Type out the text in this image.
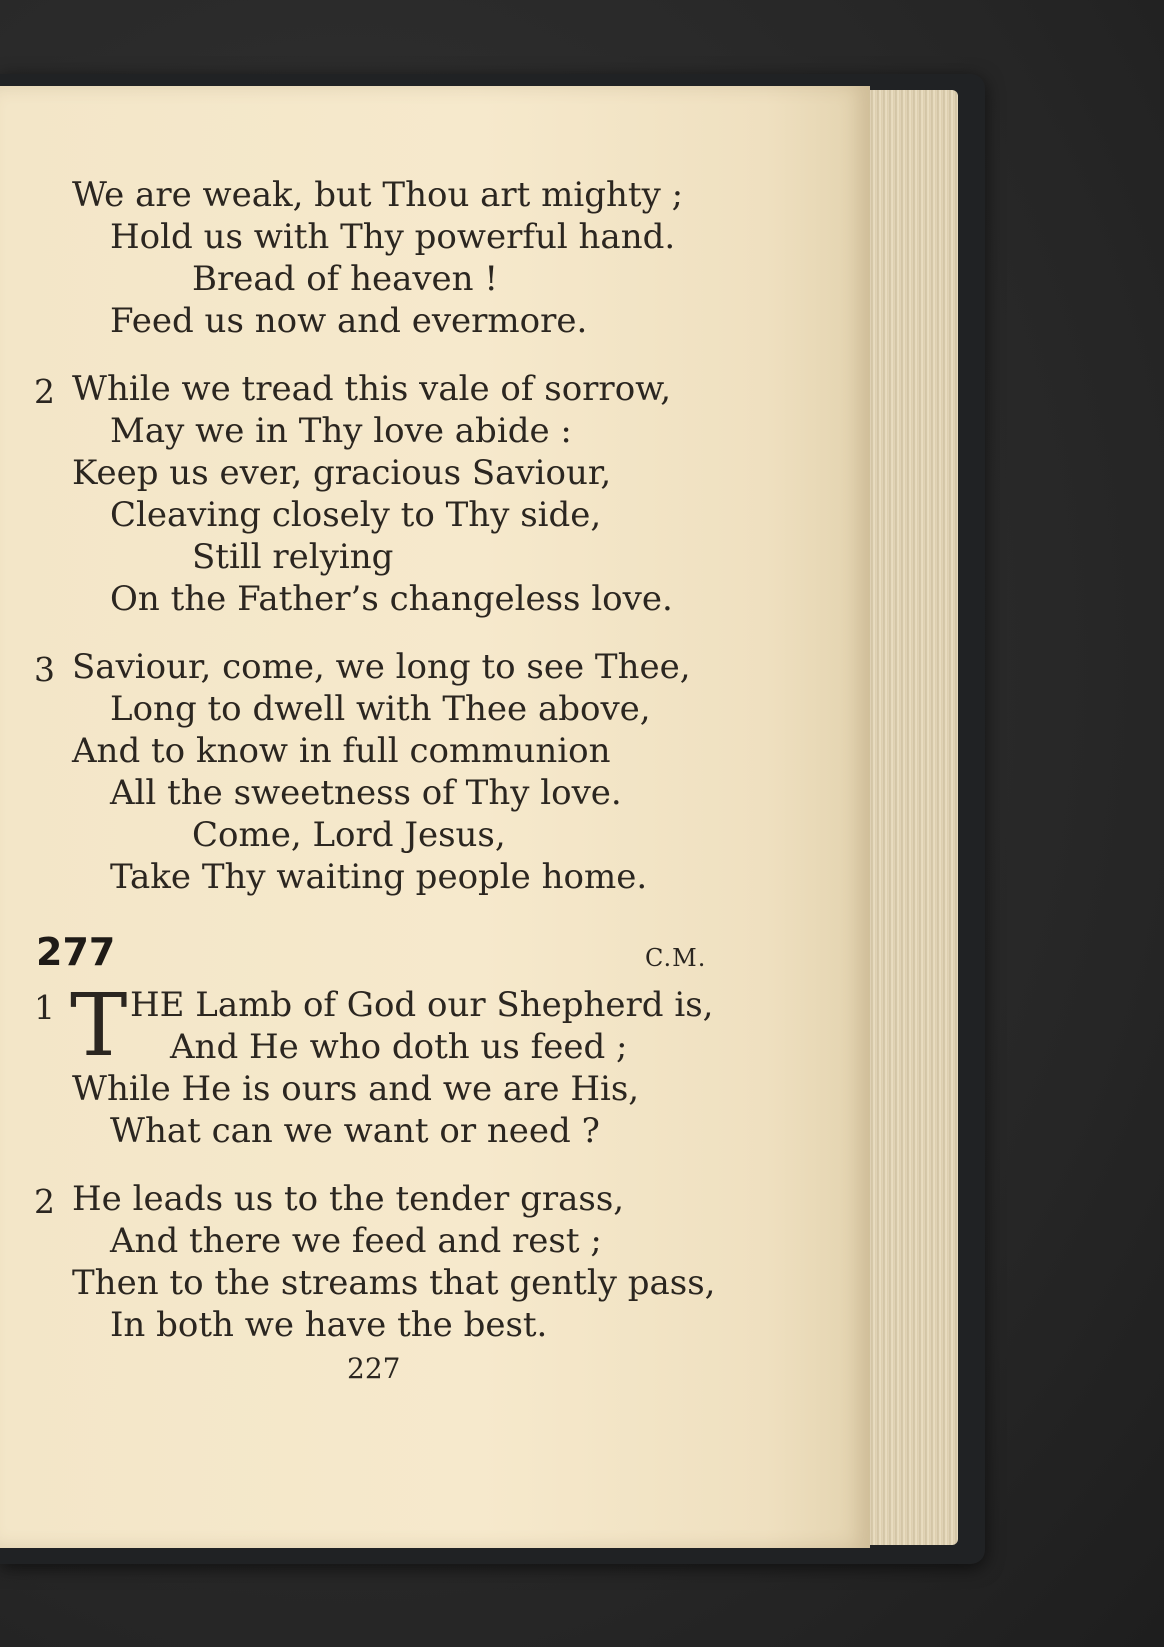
We are weak, but Thou art mighty ;
Hold us with Thy powerful hand.
Bread of heaven !
Feed us now and evermore.
2 While we tread this vale of sorrow,
May we in Thy love abide :
Keep us ever, gracious Saviour,
Cleaving closely to Thy side,
Still relying
On the Father’s changeless love.
3 Saviour, come, we long to see Thee,
Long to dwell with Thee above,
And to know in full communion
All the sweetness of Thy love.
Come, Lord Jesus,
Take Thy waiting people home.
277	C.M.
1 T HE Lamb of God our Shepherd is,
And He who doth us feed ;
While He is ours and we are His,
What can we want or need ?
2 He leads us to the tender grass,
And there we feed and rest ;
Then to the streams that gently pass,
In both we have the best.
227
